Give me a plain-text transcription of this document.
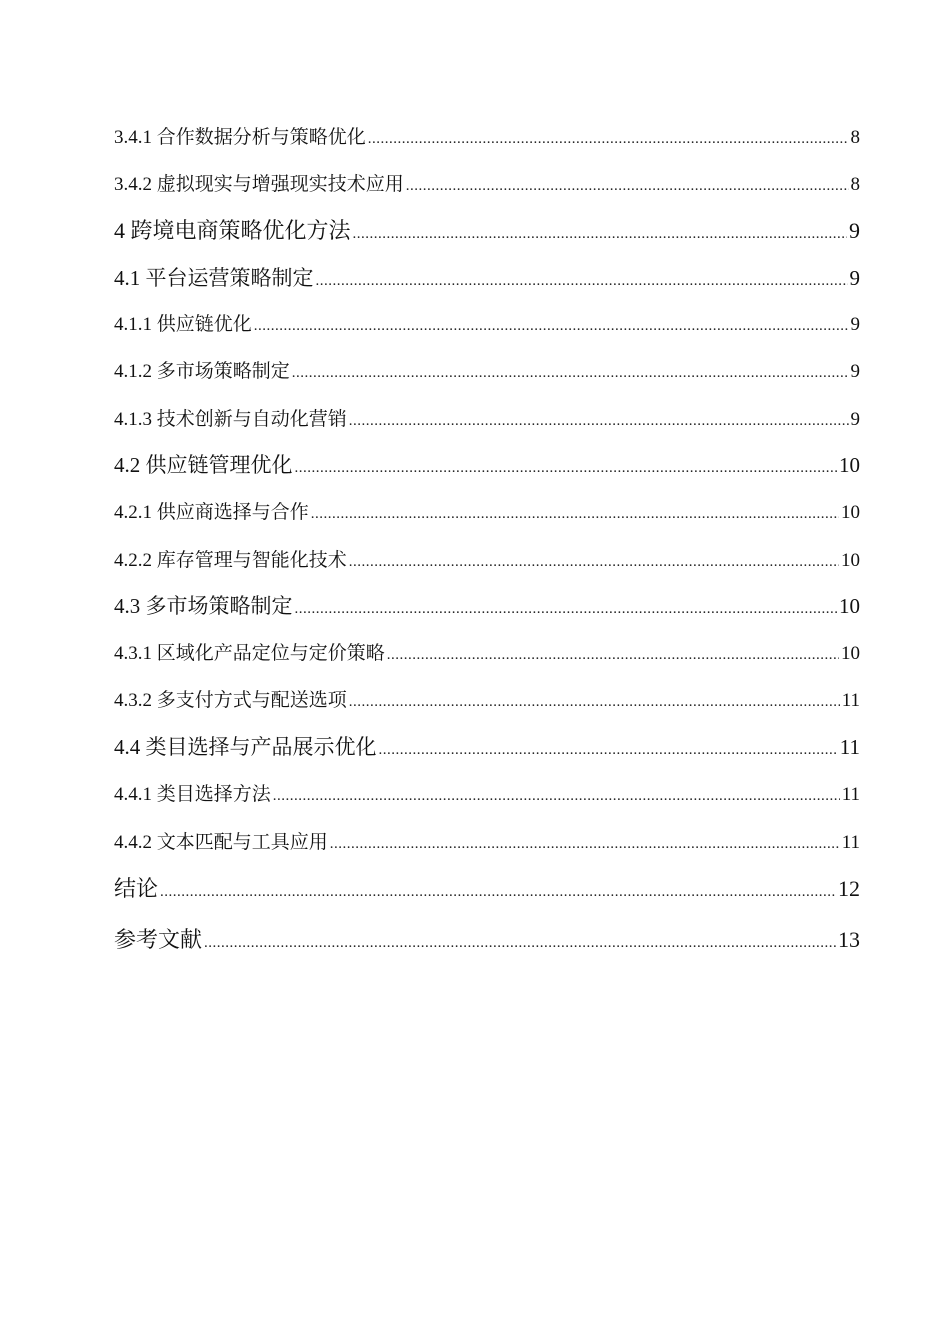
3.4.1 合作数据分析与策略优化 .....	8
3.4.2 虚拟现实与增强现实技术应用 .....	8
4 跨境电商策略优化方法 .....	9
4.1 平台运营策略制定 .....	9
4.1.1 供应链优化 .....	9
4.1.2 多市场策略制定 .....	9
4.1.3 技术创新与自动化营销 .....	9
4.2 供应链管理优化 .....	10
4.2.1 供应商选择与合作 .....	10
4.2.2 库存管理与智能化技术 .....	10
4.3 多市场策略制定 .....	10
4.3.1 区域化产品定位与定价策略 .....	10
4.3.2 多支付方式与配送选项 .....	11
4.4 类目选择与产品展示优化 .....	11
4.4.1 类目选择方法 .....	11
4.4.2 文本匹配与工具应用 .....	11
结论 .....	12
参考文献 .....	13
